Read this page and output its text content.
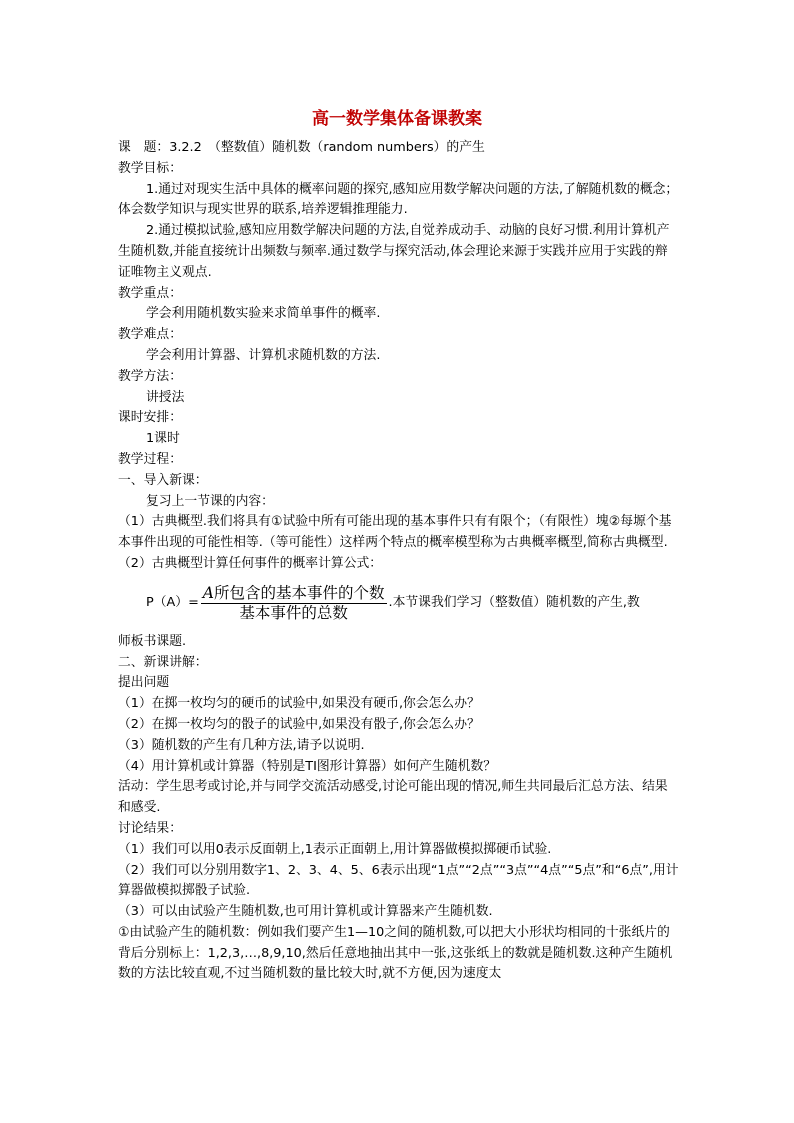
高一数学集体备课教案

课　题：3.2.2　（整数值）随机数（random numbers）的产生

教学目标：

1.通过对现实生活中具体的概率问题的探究,感知应用数学解决问题的方法,了解随机数的概念；体会数学知识与现实世界的联系,培养逻辑推理能力.

2.通过模拟试验,感知应用数学解决问题的方法,自觉养成动手、动脑的良好习惯.利用计算机产生随机数,并能直接统计出频数与频率.通过数学与探究活动,体会理论来源于实践并应用于实践的辩证唯物主义观点.

教学重点：

学会利用随机数实验来求简单事件的概率.

教学难点：

学会利用计算器、计算机求随机数的方法.

教学方法：

讲授法

课时安排：

1课时

教学过程：

一、导入新课：

复习上一节课的内容：

（1）古典概型.我们将具有①试验中所有可能出现的基本事件只有有限个；（有限性）塊②每塬个基本事件出现的可能性相等.（等可能性）这样两个特点的概率模型称为古典概率概型,简称古典概型.

（2）古典概型计算任何事件的概率计算公式：

$P(A)= \frac{\text{A所包含的基本事件的个数}}{\text{基本事件的总数}}$ .本节课我们学习（整数值）随机数的产生,教

师板书课题.

二、新课讲解：

提出问题

（1）在掷一枚均匀的硬币的试验中,如果没有硬币,你会怎么办？

（2）在掷一枚均匀的骰子的试验中,如果没有骰子,你会怎么办？

（3）随机数的产生有几种方法,请予以说明.

（4）用计算机或计算器（特别是TI图形计算器）如何产生随机数？

活动：学生思考或讨论,并与同学交流活动感受,讨论可能出现的情况,师生共同最后汇总方法、结果和感受.

讨论结果：

（1）我们可以用0表示反面朝上,1表示正面朝上,用计算器做模拟掷硬币试验.

（2）我们可以分别用数字1、2、3、4、5、6表示出现“1点”“2点”“3点”“4点”“5点”和“6点”,用计算器做模拟掷骰子试验.

（3）可以由试验产生随机数,也可用计算机或计算器来产生随机数.

①由试验产生的随机数：例如我们要产生1—10之间的随机数,可以把大小形状均相同的十张纸片的背后分别标上：1,2,3,…,8,9,10,然后任意地抽出其中一张,这张纸上的数就是随机数.这种产生随机数的方法比较直观,不过当随机数的量比较大时,就不方便,因为速度太
